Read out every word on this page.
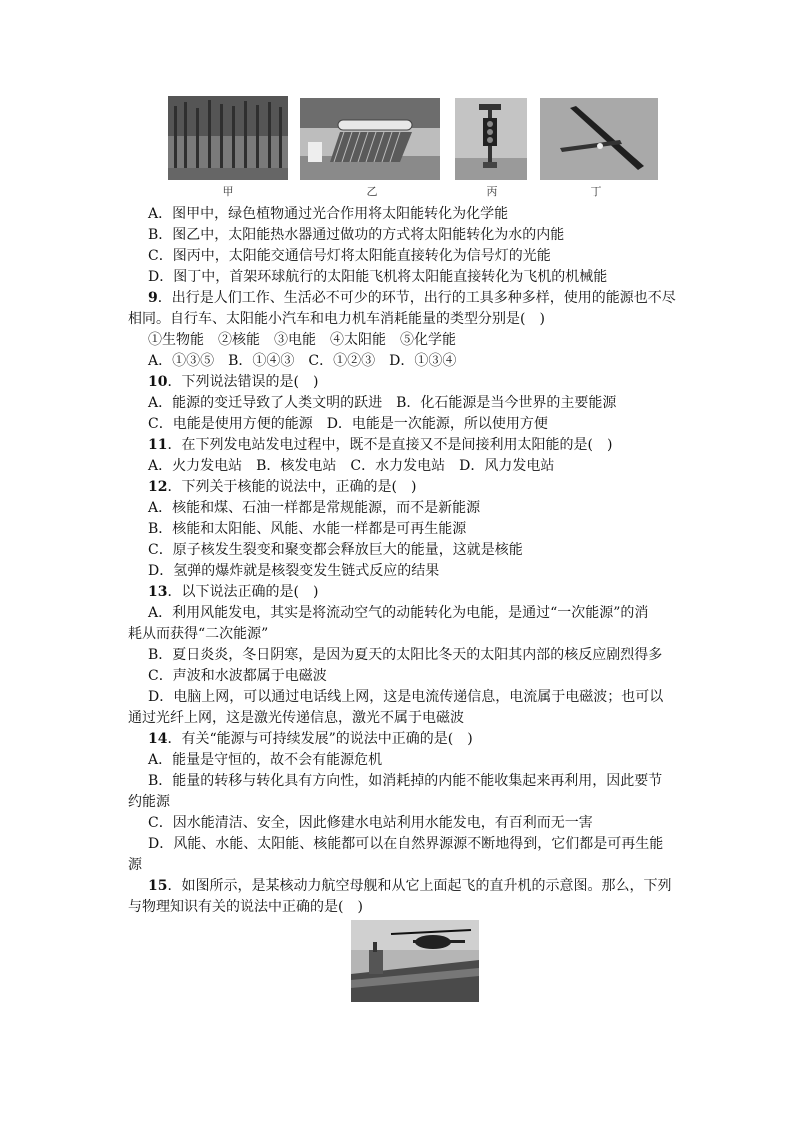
甲	乙	丙	丁
A．图甲中，绿色植物通过光合作用将太阳能转化为化学能
B．图乙中，太阳能热水器通过做功的方式将太阳能转化为水的内能
C．图丙中，太阳能交通信号灯将太阳能直接转化为信号灯的光能
D．图丁中，首架环球航行的太阳能飞机将太阳能直接转化为飞机的机械能
9．出行是人们工作、生活必不可少的环节，出行的工具多种多样，使用的能源也不尽
相同。自行车、太阳能小汽车和电力机车消耗能量的类型分别是(　)
①生物能　②核能　③电能　④太阳能　⑤化学能
A．①③⑤　B．①④③　C．①②③　D．①③④
10．下列说法错误的是(　)
A．能源的变迁导致了人类文明的跃进　B．化石能源是当今世界的主要能源
C．电能是使用方便的能源　D．电能是一次能源，所以使用方便
11．在下列发电站发电过程中，既不是直接又不是间接利用太阳能的是(　)
A．火力发电站　B．核发电站　C．水力发电站　D．风力发电站
12．下列关于核能的说法中，正确的是(　)
A．核能和煤、石油一样都是常规能源，而不是新能源
B．核能和太阳能、风能、水能一样都是可再生能源
C．原子核发生裂变和聚变都会释放巨大的能量，这就是核能
D．氢弹的爆炸就是核裂变发生链式反应的结果
13．以下说法正确的是(　)
A．利用风能发电，其实是将流动空气的动能转化为电能，是通过“一次能源”的消
耗从而获得“二次能源”
B．夏日炎炎，冬日阴寒，是因为夏天的太阳比冬天的太阳其内部的核反应剧烈得多
C．声波和水波都属于电磁波
D．电脑上网，可以通过电话线上网，这是电流传递信息，电流属于电磁波；也可以
通过光纤上网，这是激光传递信息，激光不属于电磁波
14．有关“能源与可持续发展”的说法中正确的是(　)
A．能量是守恒的，故不会有能源危机
B．能量的转移与转化具有方向性，如消耗掉的内能不能收集起来再利用，因此要节
约能源
C．因水能清洁、安全，因此修建水电站利用水能发电，有百利而无一害
D．风能、水能、太阳能、核能都可以在自然界源源不断地得到，它们都是可再生能
源
15．如图所示，是某核动力航空母舰和从它上面起飞的直升机的示意图。那么，下列
与物理知识有关的说法中正确的是(　)
